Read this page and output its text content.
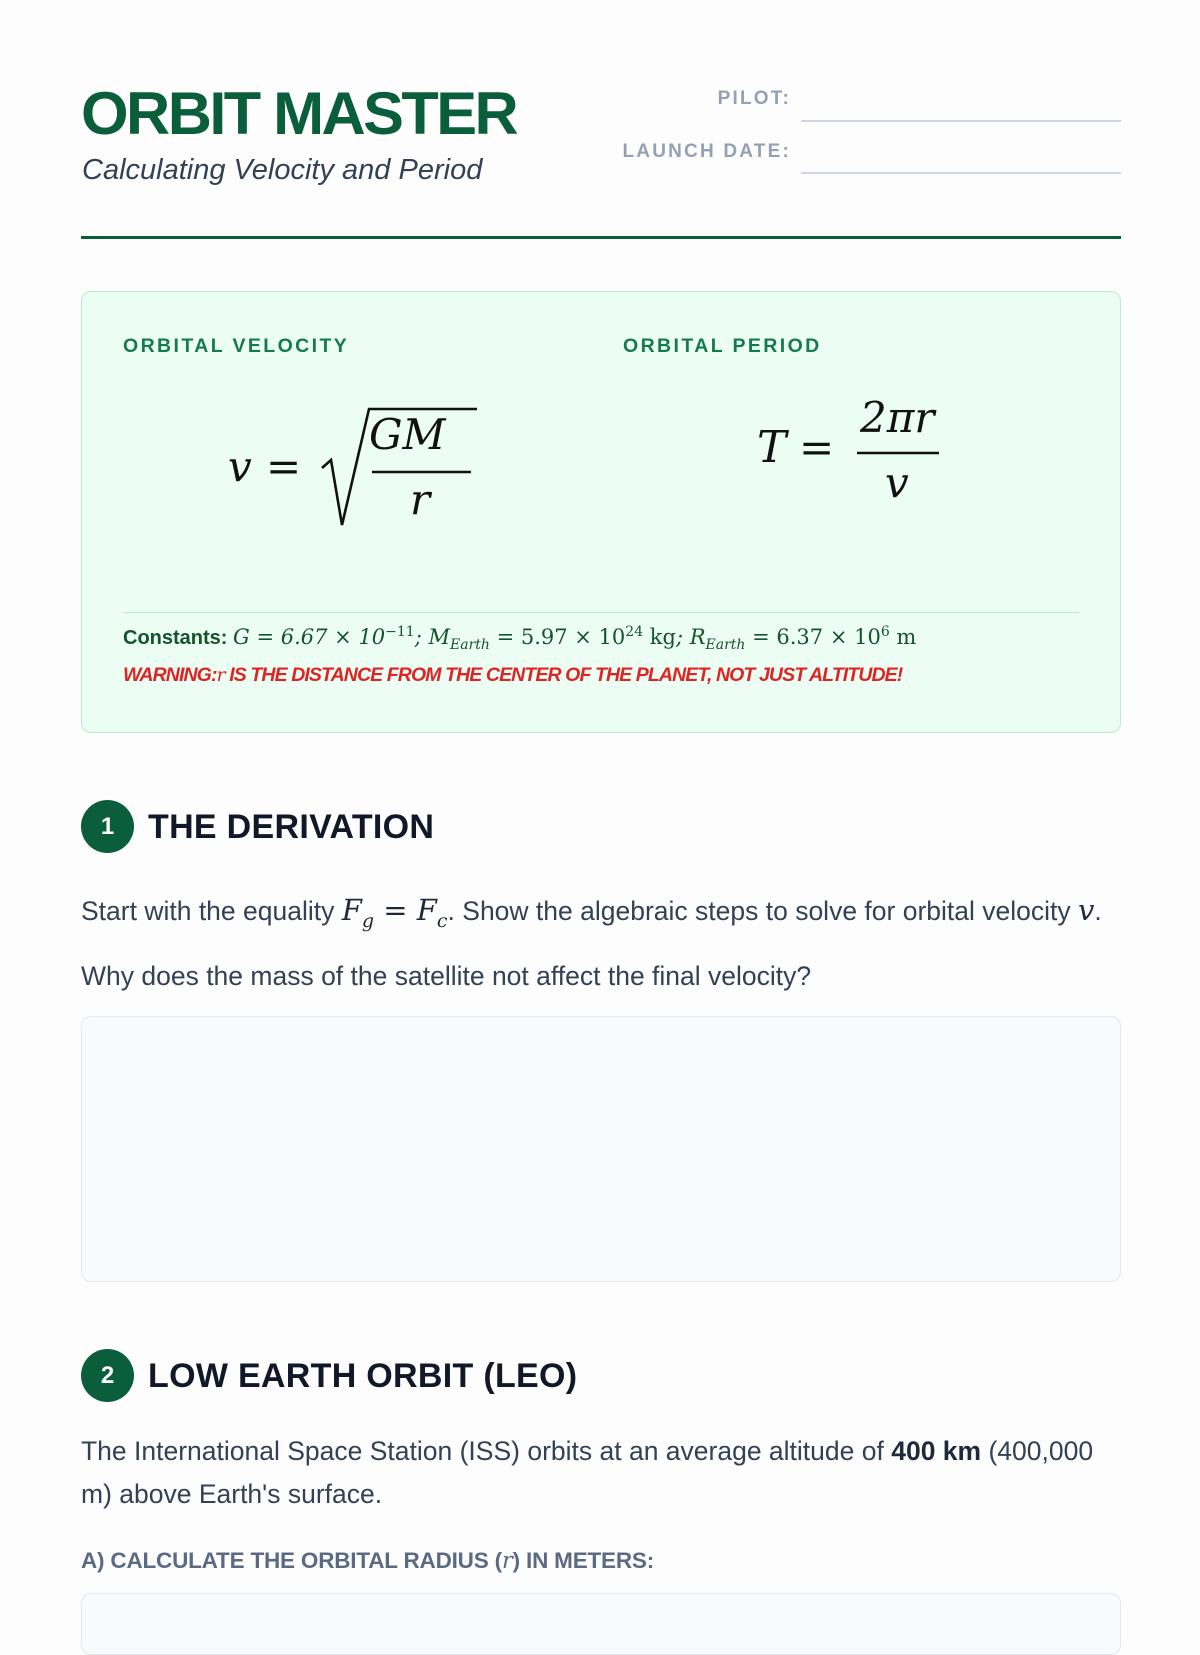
ORBIT MASTER

Calculating Velocity and Period

PILOT:
LAUNCH DATE:
ORBITAL VELOCITY	ORBITAL PERIOD
v =
GM
r
T =
2πr
v
Constants: $G = 6.67 \times 10^{-11}$; $M_{Earth} = 5.97 \times 10^{24}$ kg; $R_{Earth} = 6.37 \times 10^6$ m
WARNING:r IS THE DISTANCE FROM THE CENTER OF THE PLANET, NOT JUST ALTITUDE!
1 THE DERIVATION

Start with the equality $F_g = F_c$. Show the algebraic steps to solve for orbital velocity v. Why does the mass of the satellite not affect the final velocity?

2 LOW EARTH ORBIT (LEO)

The International Space Station (ISS) orbits at an average altitude of 400 km (400,000 m) above Earth's surface.

A) CALCULATE THE ORBITAL RADIUS (r) IN METERS:
